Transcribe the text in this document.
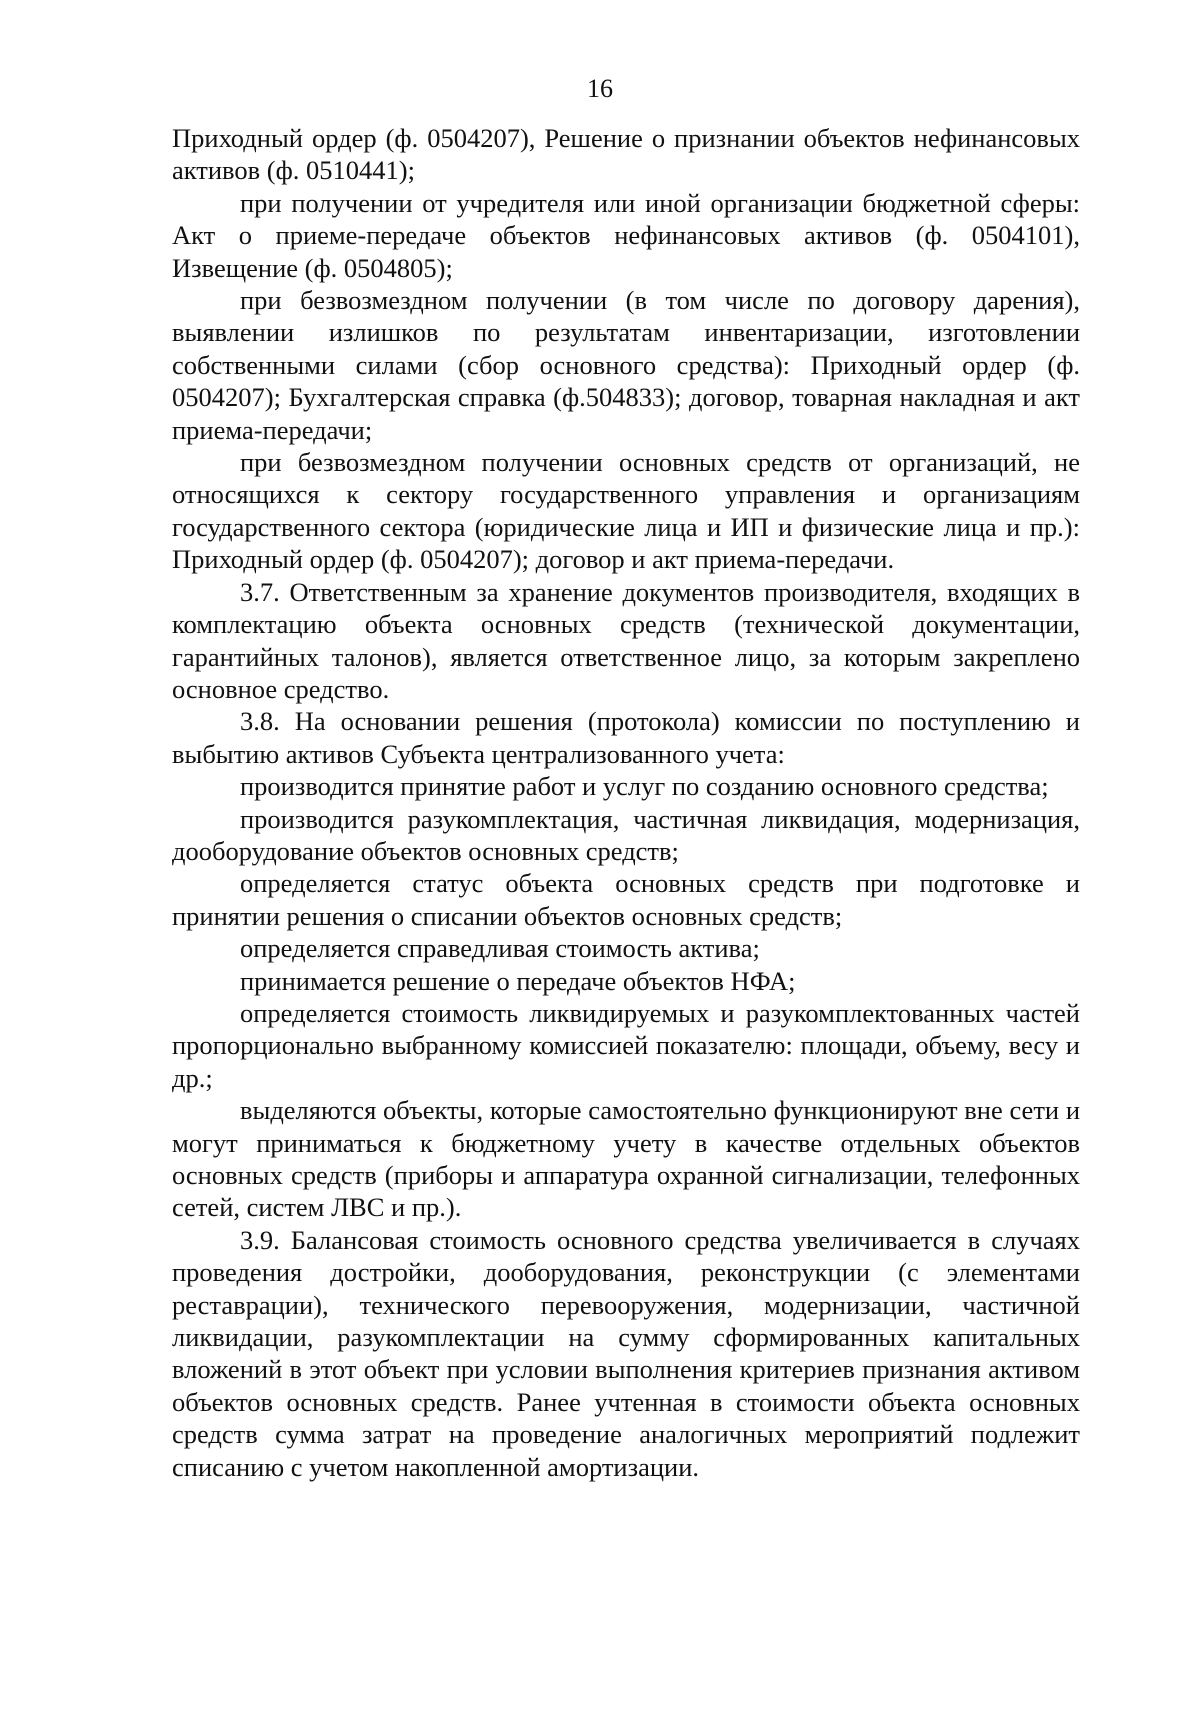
16

Приходный ордер (ф. 0504207), Решение о признании объектов нефинансовых активов (ф. 0510441);

при получении от учредителя или иной организации бюджетной сферы: Акт о приеме-передаче объектов нефинансовых активов (ф. 0504101), Извещение (ф. 0504805);

при безвозмездном получении (в том числе по договору дарения), выявлении излишков по результатам инвентаризации, изготовлении собственными силами (сбор основного средства): Приходный ордер (ф. 0504207); Бухгалтерская справка (ф.504833); договор, товарная накладная и акт приема-передачи;

при безвозмездном получении основных средств от организаций, не относящихся к сектору государственного управления и организациям государственного сектора (юридические лица и ИП и физические лица и пр.): Приходный ордер (ф. 0504207); договор и акт приема-передачи.

3.7. Ответственным за хранение документов производителя, входящих в комплектацию объекта основных средств (технической документации, гарантийных талонов), является ответственное лицо, за которым закреплено основное средство.

3.8. На основании решения (протокола) комиссии по поступлению и выбытию активов Субъекта централизованного учета:

производится принятие работ и услуг по созданию основного средства;

производится разукомплектация, частичная ликвидация, модернизация, дооборудование объектов основных средств;

определяется статус объекта основных средств при подготовке и принятии решения о списании объектов основных средств;

определяется справедливая стоимость актива;

принимается решение о передаче объектов НФА;

определяется стоимость ликвидируемых и разукомплектованных частей пропорционально выбранному комиссией показателю: площади, объему, весу и др.;

выделяются объекты, которые самостоятельно функционируют вне сети и могут приниматься к бюджетному учету в качестве отдельных объектов основных средств (приборы и аппаратура охранной сигнализации, телефонных сетей, систем ЛВС и пр.).

3.9. Балансовая стоимость основного средства увеличивается в случаях проведения достройки, дооборудования, реконструкции (с элементами реставрации), технического перевооружения, модернизации, частичной ликвидации, разукомплектации на сумму сформированных капитальных вложений в этот объект при условии выполнения критериев признания активом объектов основных средств. Ранее учтенная в стоимости объекта основных средств сумма затрат на проведение аналогичных мероприятий подлежит списанию с учетом накопленной амортизации.
